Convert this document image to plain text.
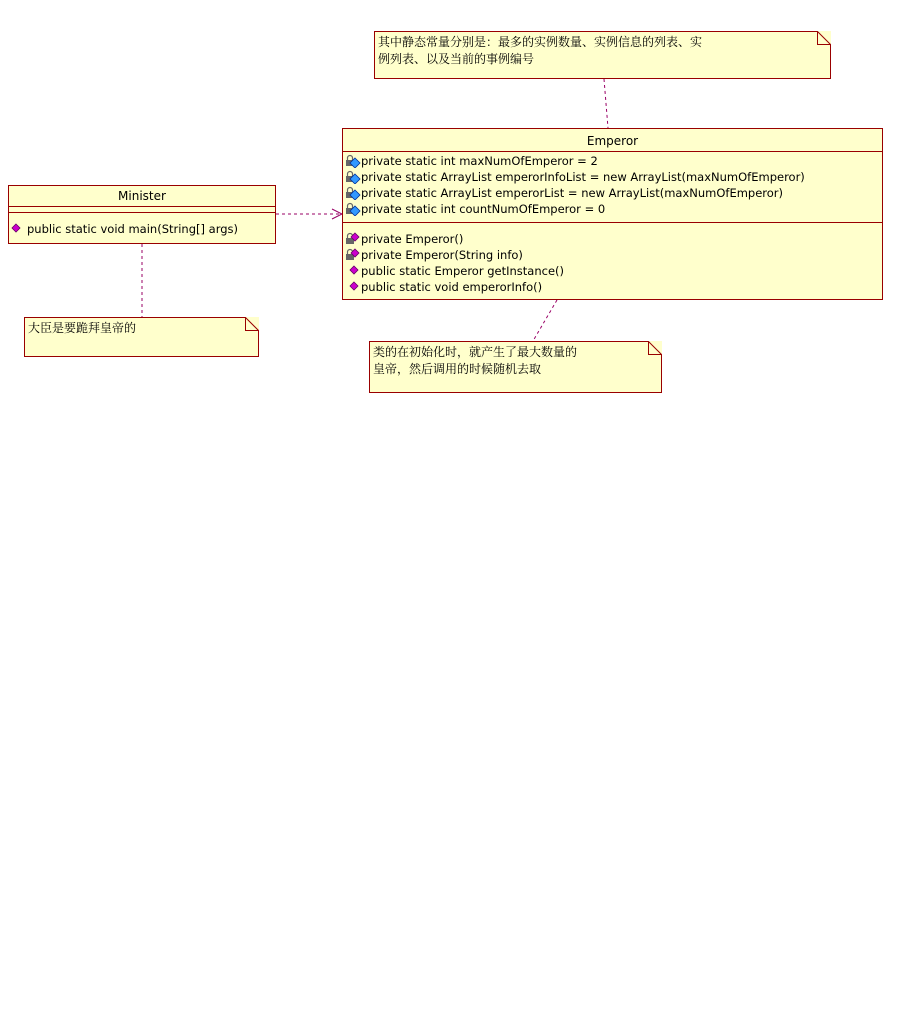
其中静态常量分别是：最多的实例数量、实例信息的列表、实
例列表、以及当前的事例编号
Minister
public static void main(String[] args)
Emperor
private static int maxNumOfEmperor = 2
private static ArrayList emperorInfoList = new ArrayList(maxNumOfEmperor)
private static ArrayList emperorList = new ArrayList(maxNumOfEmperor)
private static int countNumOfEmperor = 0
private Emperor()
private Emperor(String info)
public static Emperor getInstance()
public static void emperorInfo()
大臣是要跪拜皇帝的
类的在初始化时，就产生了最大数量的
皇帝，然后调用的时候随机去取
